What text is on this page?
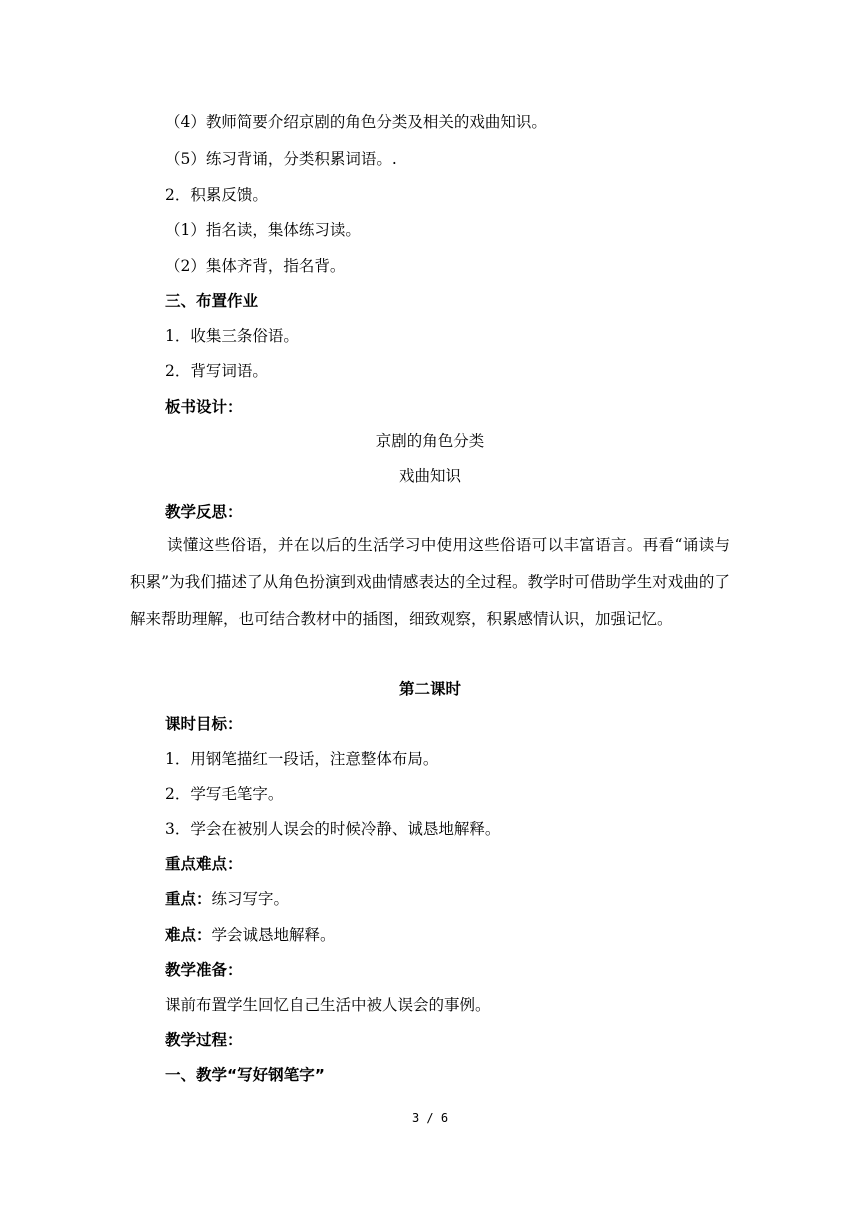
（4）教师简要介绍京剧的角色分类及相关的戏曲知识。
（5）练习背诵，分类积累词语。.
2．积累反馈。
（1）指名读，集体练习读。
（2）集体齐背，指名背。
三、布置作业
1．收集三条俗语。
2．背写词语。
板书设计：
京剧的角色分类
戏曲知识
教学反思：
读懂这些俗语，并在以后的生活学习中使用这些俗语可以丰富语言。再看“诵读与积累”为我们描述了从角色扮演到戏曲情感表达的全过程。教学时可借助学生对戏曲的了解来帮助理解，也可结合教材中的插图，细致观察，积累感情认识，加强记忆。
第二课时
课时目标：
1．用钢笔描红一段话，注意整体布局。
2．学写毛笔字。
3．学会在被别人误会的时候冷静、诚恳地解释。
重点难点：
重点：练习写字。
难点：学会诚恳地解释。
教学准备：
课前布置学生回忆自己生活中被人误会的事例。
教学过程：
一、教学“写好钢笔字”
3 / 6
